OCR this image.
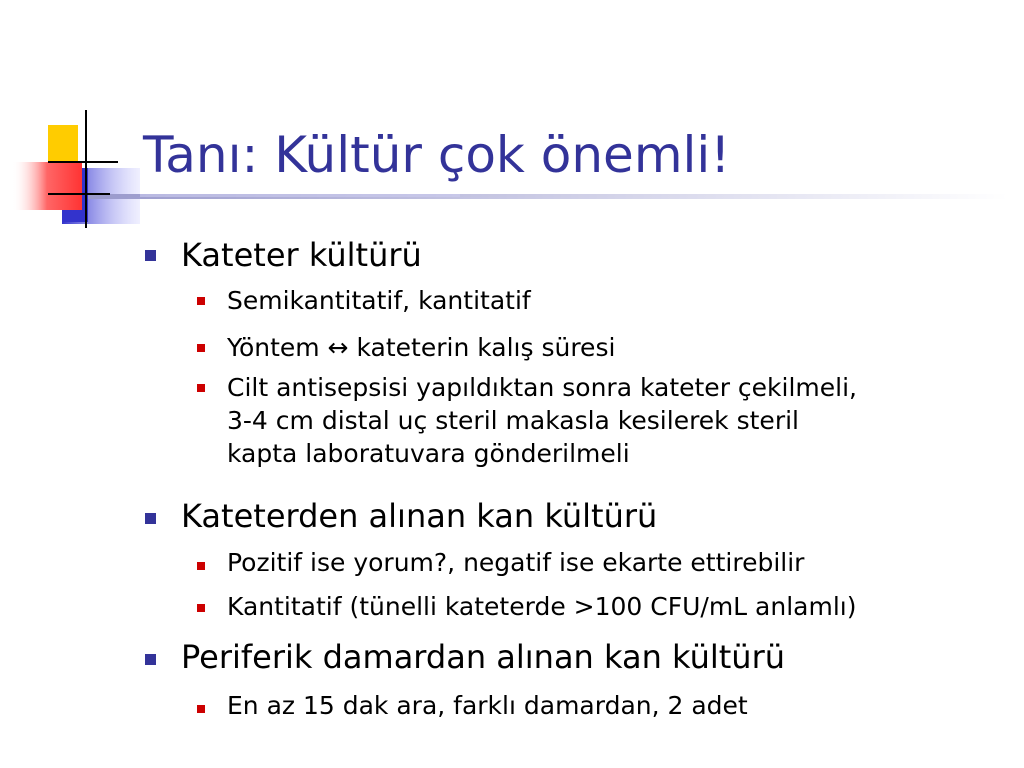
Tanı: Kültür çok önemli!
Kateter kültürü
Semikantitatif, kantitatif
Yöntem ↔ kateterin kalış süresi
Cilt antisepsisi yapıldıktan sonra kateter çekilmeli,
3-4 cm distal uç steril makasla kesilerek steril
kapta laboratuvara gönderilmeli
Kateterden alınan kan kültürü
Pozitif ise yorum?, negatif ise ekarte ettirebilir
Kantitatif (tünelli kateterde >100 CFU/mL anlamlı)
Periferik damardan alınan kan kültürü
En az 15 dak ara, farklı damardan, 2 adet
